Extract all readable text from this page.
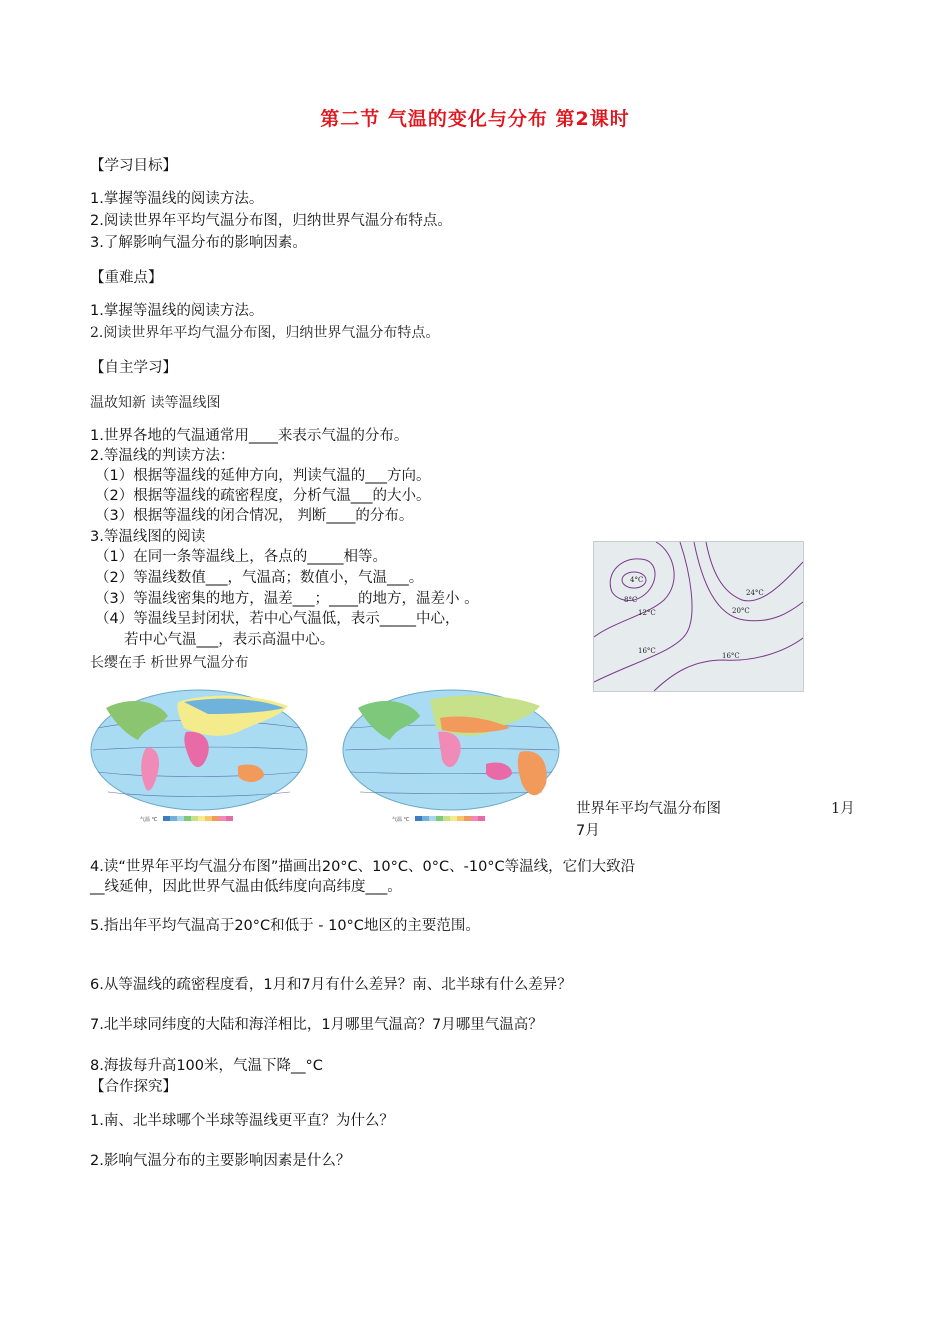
第二节 气温的变化与分布 第2课时
【学习目标】
1.掌握等温线的阅读方法。
2.阅读世界年平均气温分布图，归纳世界气温分布特点。
3.了解影响气温分布的影响因素。
【重难点】
1.掌握等温线的阅读方法。
2.阅读世界年平均气温分布图，归纳世界气温分布特点。
【自主学习】
温故知新 读等温线图
1.世界各地的气温通常用____来表示气温的分布。
2.等温线的判读方法：
（1）根据等温线的延伸方向，判读气温的___方向。
（2）根据等温线的疏密程度，分析气温___的大小。
（3）根据等温线的闭合情况， 判断____的分布。
3.等温线图的阅读
（1）在同一条等温线上，各点的_____相等。
（2）等温线数值___，气温高；数值小，气温___。
（3）等温线密集的地方，温差___；____的地方，温差小 。
（4）等温线呈封闭状，若中心气温低，表示_____中心，
若中心气温___，表示高温中心。
长缨在手 析世界气温分布
4°C
8°C
12°C
16°C
16°C
20°C
24°C
气温 ℃	气温 ℃
世界年平均气温分布图	1月
7月
4.读“世界年平均气温分布图”描画出20°C、10°C、0°C、-10°C等温线，它们大致沿
__线延伸，因此世界气温由低纬度向高纬度___。
5.指出年平均气温高于20°C和低于 - 10°C地区的主要范围。
6.从等温线的疏密程度看，1月和7月有什么差异？南、北半球有什么差异？
7.北半球同纬度的大陆和海洋相比，1月哪里气温高？7月哪里气温高？
8.海拔每升高100米，气温下降__°C
【合作探究】
1.南、北半球哪个半球等温线更平直？为什么？
2.影响气温分布的主要影响因素是什么？
